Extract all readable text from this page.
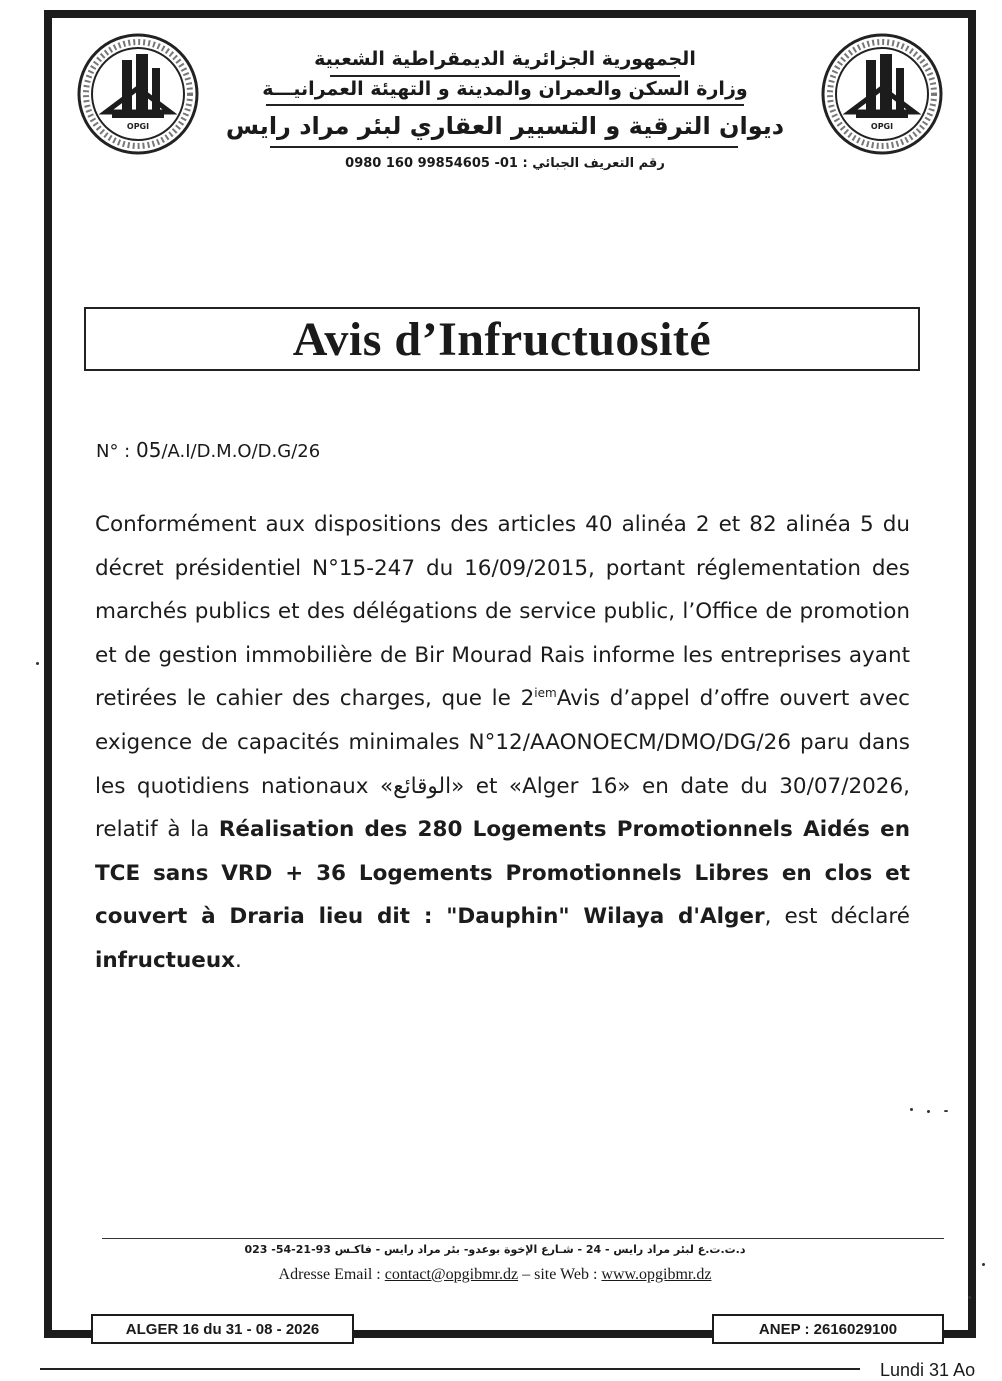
OPGI	OPGI
الجمهورية الجزائرية الديمقراطية الشعبية
وزارة السكن والعمران والمدينة و التهيئة العمرانيـــة
ديوان الترقية و التسيير العقاري لبئر مراد رايس
رقم التعريف الجبائي : 01- 99854605 160 0980
Avis d’Infructuosité
N° : 05/A.I/D.M.O/D.G/26
Conformément aux dispositions des articles 40 alinéa 2 et 82 alinéa 5 du décret présidentiel N°15-247 du 16/09/2015, portant réglementation des marchés publics et des délégations de service public, l’Office de promotion et de gestion immobilière de Bir Mourad Rais informe les entreprises ayant retirées le cahier des charges, que le $2^{iem}Avis$ d’appel d’offre ouvert avec exigence de capacités minimales N°12/AAONOECM/DMO/DG/26 paru dans les quotidiens nationaux «الوقائع» et «Alger 16» en date du 30/07/2026, relatif à la Réalisation des 280 Logements Promotionnels Aidés en TCE sans VRD + 36 Logements Promotionnels Libres en clos et couvert à Draria lieu dit : "Dauphin" Wilaya d'Alger, est déclaré infructueux.
د.ت.ت.ع لبئر مراد رايس - 24 - شـارع الإخوة بوعدو- بئر مراد رايس - فاكـس 93-21-54- 023
Adresse Email : contact@opgibmr.dz – site Web : www.opgibmr.dz
ALGER 16 du 31 - 08 - 2026	ANEP : 2616029100
Lundi 31 Ao
